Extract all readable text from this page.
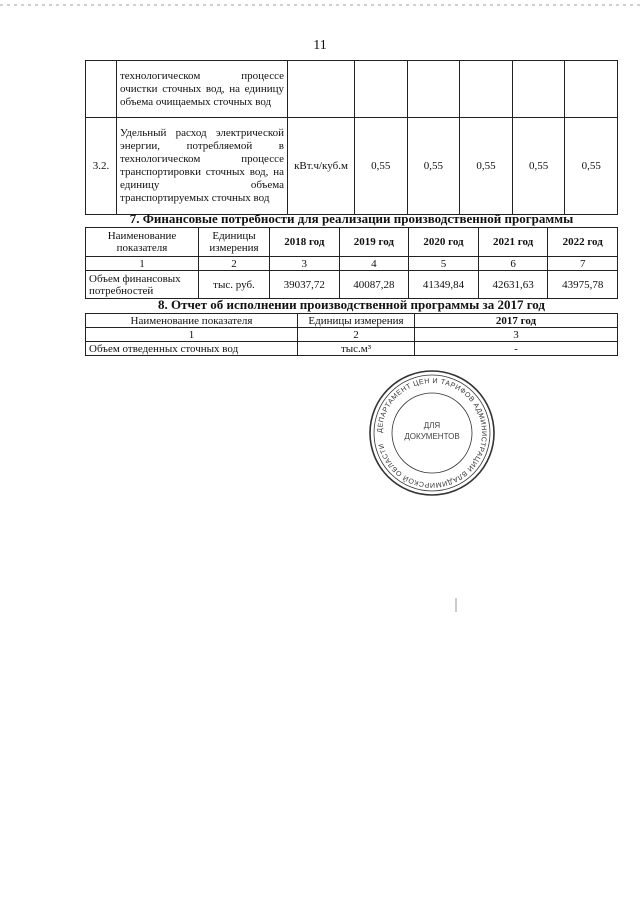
11
	технологическом процессе очистки сточных вод, на единицу объема очищаемых сточных вод						
3.2.	Удельный расход электрической энергии, потребляемой в технологическом процессе транспортировки сточных вод, на единицу объема транспортируемых сточных вод	кВт.ч/куб.м	0,55	0,55	0,55	0,55	0,55
7. Финансовые потребности для реализации производственной программы
Наименование показателя	Единицы измерения	2018 год	2019 год	2020 год	2021 год	2022 год
1	2	3	4	5	6	7
Объем финансовых потребностей	тыс. руб.	39037,72	40087,28	41349,84	42631,63	43975,78
8. Отчет об исполнении производственной программы за 2017 год
Наименование показателя	Единицы измерения	2017 год
1	2	3
Объем отведенных сточных вод	тыс.м³	-
ДЕПАРТАМЕНТ ЦЕН И ТАРИФОВ АДМИНИСТРАЦИИ ВЛАДИМИРСКОЙ ОБЛАСТИ
ДЛЯ
ДОКУМЕНТОВ
